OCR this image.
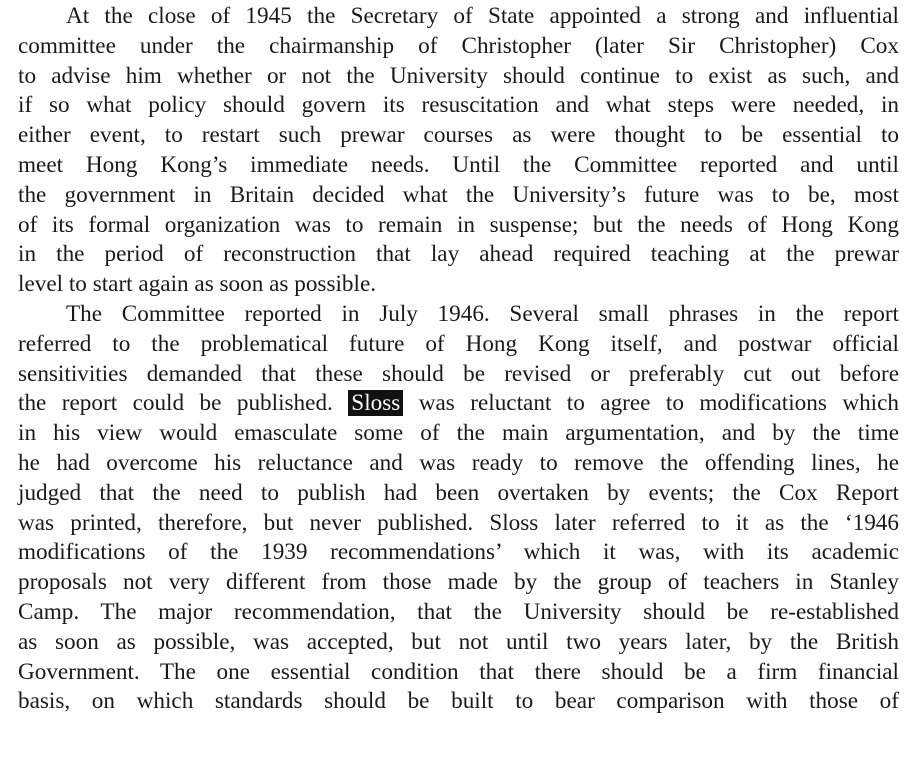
At the close of 1945 the Secretary of State appointed a strong and influential
committee under the chairmanship of Christopher (later Sir Christopher) Cox
to advise him whether or not the University should continue to exist as such, and
if so what policy should govern its resuscitation and what steps were needed, in
either event, to restart such prewar courses as were thought to be essential to
meet Hong Kong’s immediate needs. Until the Committee reported and until
the government in Britain decided what the University’s future was to be, most
of its formal organization was to remain in suspense; but the needs of Hong Kong
in the period of reconstruction that lay ahead required teaching at the prewar
level to start again as soon as possible.
The Committee reported in July 1946. Several small phrases in the report
referred to the problematical future of Hong Kong itself, and postwar official
sensitivities demanded that these should be revised or preferably cut out before
the report could be published. Sloss was reluctant to agree to modifications which
in his view would emasculate some of the main argumentation, and by the time
he had overcome his reluctance and was ready to remove the offending lines, he
judged that the need to publish had been overtaken by events; the Cox Report
was printed, therefore, but never published. Sloss later referred to it as the ‘1946
modifications of the 1939 recommendations’ which it was, with its academic
proposals not very different from those made by the group of teachers in Stanley
Camp. The major recommendation, that the University should be re-established
as soon as possible, was accepted, but not until two years later, by the British
Government. The one essential condition that there should be a firm financial
basis, on which standards should be built to bear comparison with those of
